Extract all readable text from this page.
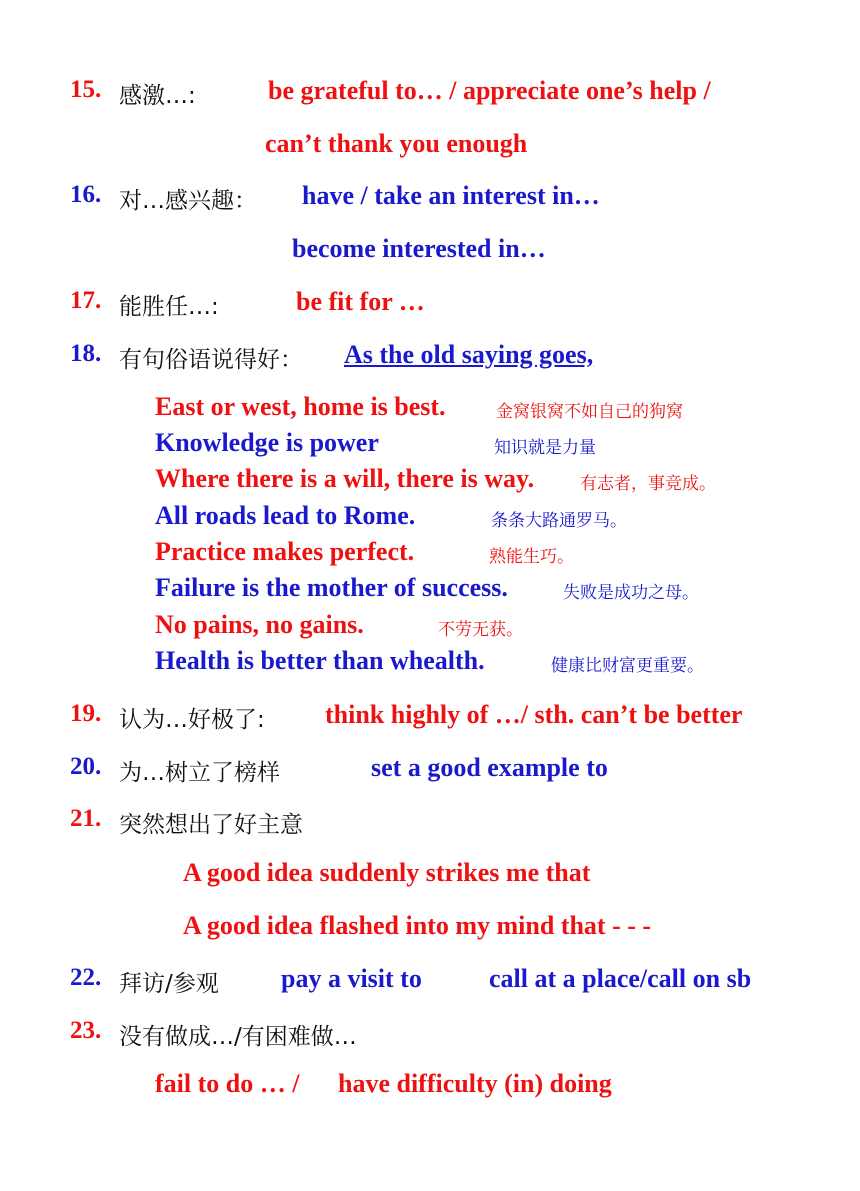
15. 感激…:	be grateful to… / appreciate one’s help /
can’t thank you enough
16. 对…感兴趣： have / take an interest in…
become interested in…
17. 能胜任…:	be fit for …
18. 有句俗语说得好： As the old saying goes,
East or west, home is best.	金窝银窝不如自己的狗窝
Knowledge is power	知识就是力量
Where there is a will, there is way.	有志者，事竞成。
All roads lead to Rome.	条条大路通罗马。
Practice makes perfect.	熟能生巧。
Failure is the mother of success.	失败是成功之母。
No pains, no gains.	不劳无获。
Health is better than whealth.	健康比财富更重要。
19. 认为…好极了: think highly of …/ sth. can’t be better
20. 为…树立了榜样	set a good example to
21. 突然想出了好主意
A good idea suddenly strikes me that
A good idea flashed into my mind that - - -
22. 拜访/参观 pay a visit to	call at a place/call on sb
23. 没有做成…/有困难做…
fail to do … / have difficulty (in) doing
